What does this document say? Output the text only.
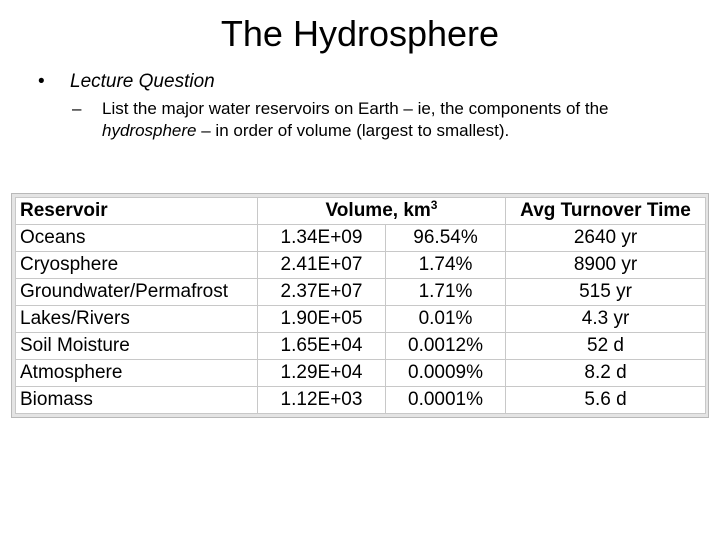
The Hydrosphere
• Lecture Question
– List the major water reservoirs on Earth – ie, the components of the
hydrosphere – in order of volume (largest to smallest).
Reservoir	Volume, $km^3$		Avg Turnover Time
Oceans	1.34E+09	96.54%	2640 yr
Cryosphere	2.41E+07	1.74%	8900 yr
Groundwater/Permafrost	2.37E+07	1.71%	515 yr
Lakes/Rivers	1.90E+05	0.01%	4.3 yr
Soil Moisture	1.65E+04	0.0012%	52 d
Atmosphere	1.29E+04	0.0009%	8.2 d
Biomass	1.12E+03	0.0001%	5.6 d
